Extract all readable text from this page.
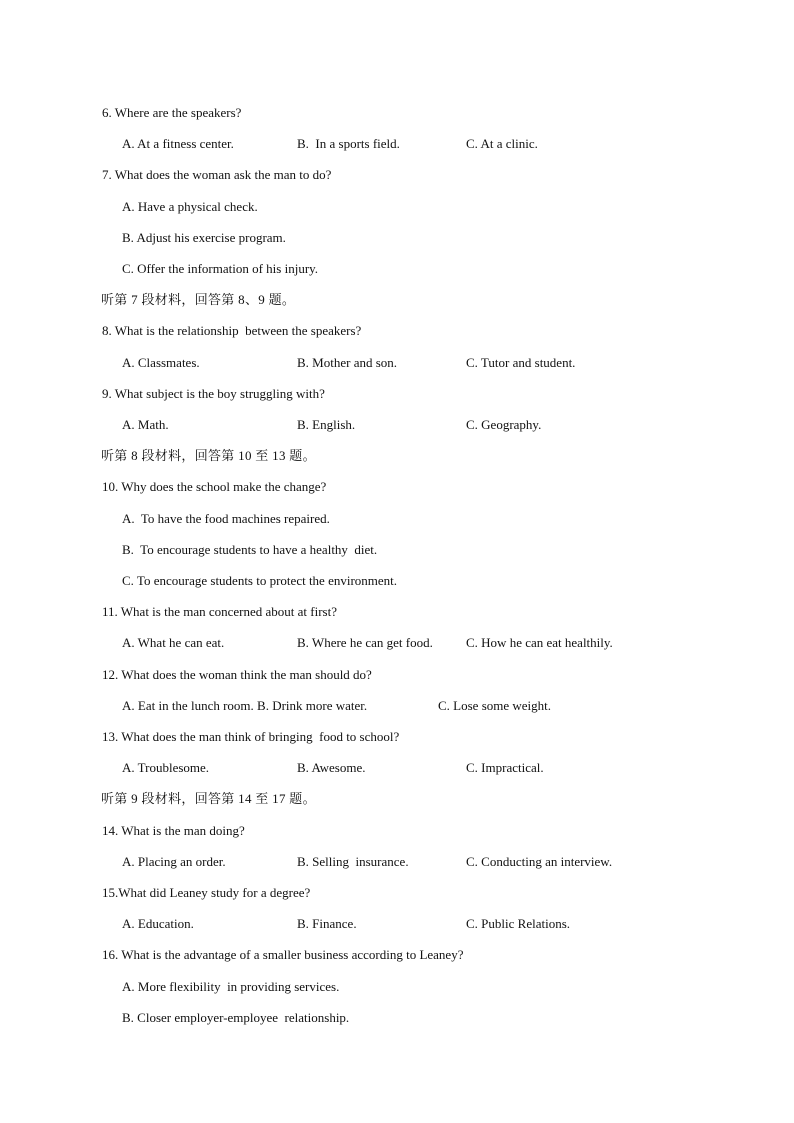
6. Where are the speakers?
A. At a fitness center.	B.  In a sports field.	C. At a clinic.
7. What does the woman ask the man to do?
A. Have a physical check.
B. Adjust his exercise program.
C. Offer the information of his injury.
听第 7 段材料，回答第 8、9 题。
8. What is the relationship  between the speakers?
A. Classmates.	B. Mother and son.	C. Tutor and student.
9. What subject is the boy struggling with?
A. Math.	B. English.	C. Geography.
听第 8 段材料，回答第 10 至 13 题。
10. Why does the school make the change?
A.  To have the food machines repaired.
B.  To encourage students to have a healthy  diet.
C. To encourage students to protect the environment.
11. What is the man concerned about at first?
A. What he can eat.	B. Where he can get food.	C. How he can eat healthily.
12. What does the woman think the man should do?
A. Eat in the lunch room. B. Drink more water.	C. Lose some weight.
13. What does the man think of bringing  food to school?
A. Troublesome.	B. Awesome.	C. Impractical.
听第 9 段材料，回答第 14 至 17 题。
14. What is the man doing?
A. Placing an order.	B. Selling  insurance.	C. Conducting an interview.
15.What did Leaney study for a degree?
A. Education.	B. Finance.	C. Public Relations.
16. What is the advantage of a smaller business according to Leaney?
A. More flexibility  in providing services.
B. Closer employer-employee  relationship.
